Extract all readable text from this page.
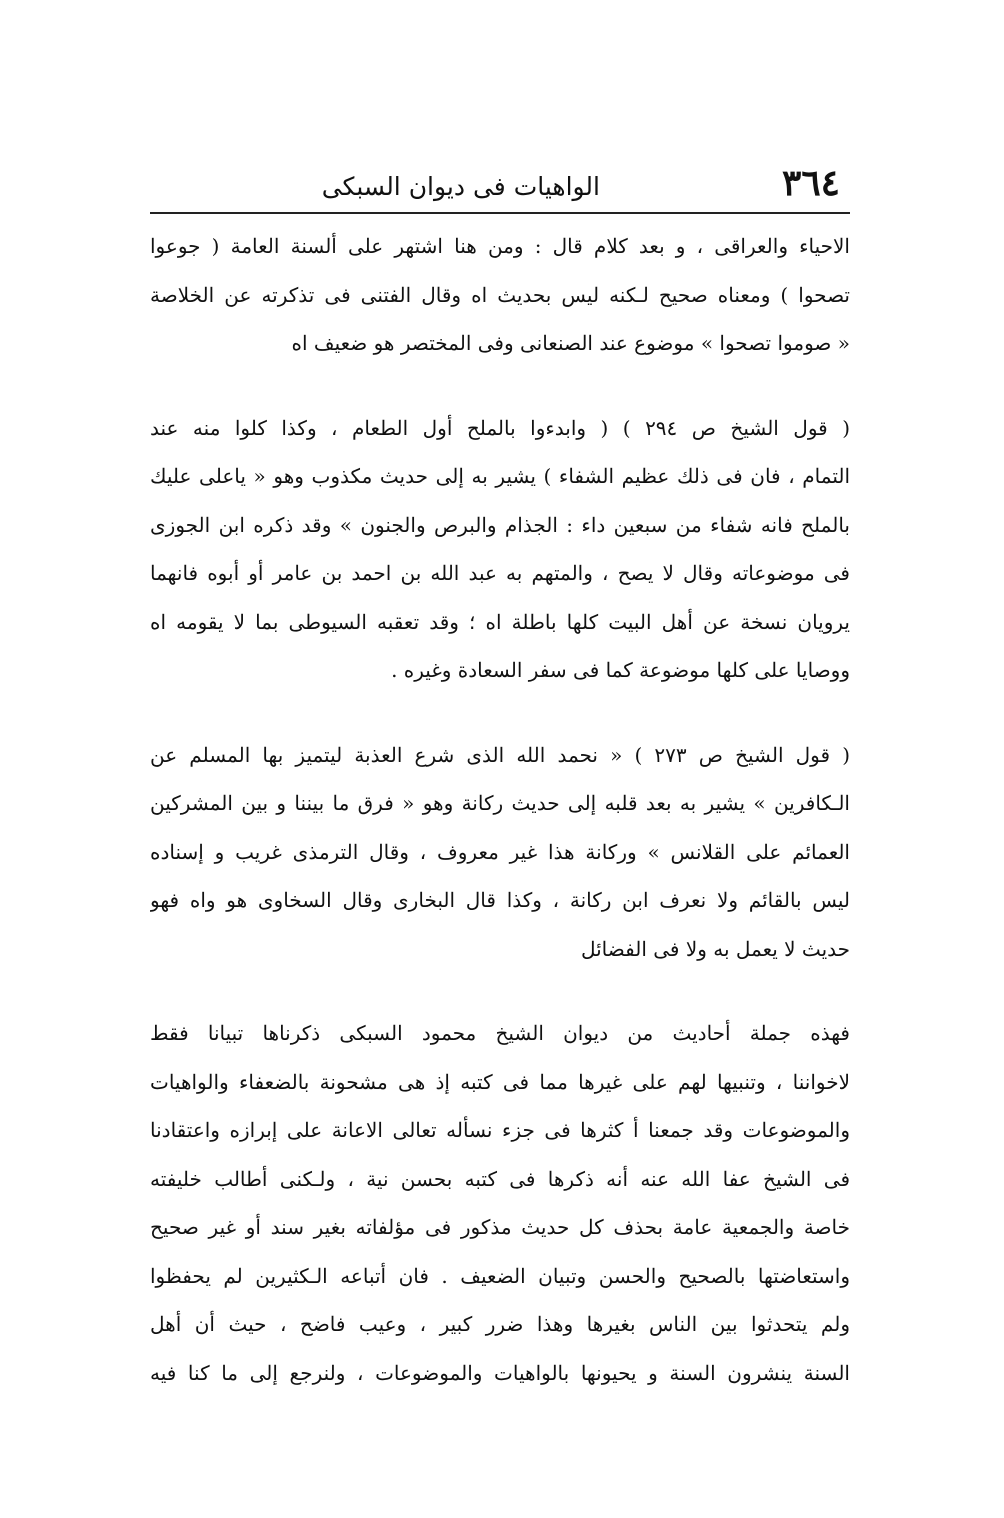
٣٦٤
الواهيات فى ديوان السبكى
الاحياء والعراقى ، و بعد كلام قال : ومن هنا اشتهر على ألسنة العامة ( جوعوا
تصحوا ) ومعناه صحيح لـكنه ليس بحديث اه وقال الفتنى فى تذكرته عن الخلاصة
« صوموا تصحوا » موضوع عند الصنعانى وفى المختصر هو ضعيف اه
( قول الشيخ ص ٢٩٤ ) ( وابدءوا بالملح أول الطعام ، وكذا كلوا منه عند
التمام ، فان فى ذلك عظيم الشفاء ) يشير به إلى حديث مكذوب وهو « ياعلى عليك
بالملح فانه شفاء من سبعين داء : الجذام والبرص والجنون » وقد ذكره ابن الجوزى
فى موضوعاته وقال لا يصح ، والمتهم به عبد الله بن احمد بن عامر أو أبوه فانهما
يرويان نسخة عن أهل البيت كلها باطلة اه ؛ وقد تعقبه السيوطى بما لا يقومه اه
ووصايا على كلها موضوعة كما فى سفر السعادة وغيره .
( قول الشيخ ص ٢٧٣ ) « نحمد الله الذى شرع العذبة ليتميز بها المسلم عن
الـكافرين » يشير به بعد قلبه إلى حديث ركانة وهو « فرق ما بيننا و بين المشركين
العمائم على القلانس » وركانة هذا غير معروف ، وقال الترمذى غريب و إسناده
ليس بالقائم ولا نعرف ابن ركانة ، وكذا قال البخارى وقال السخاوى هو واه فهو
حديث لا يعمل به ولا فى الفضائل
فهذه جملة أحاديث من ديوان الشيخ محمود السبكى ذكرناها تبيانا فقط
لاخواننا ، وتنبيها لهم على غيرها مما فى كتبه إذ هى مشحونة بالضعفاء والواهيات
والموضوعات وقد جمعنا أ كثرها فى جزء نسأله تعالى الاعانة على إبرازه واعتقادنا
فى الشيخ عفا الله عنه أنه ذكرها فى كتبه بحسن نية ، ولـكنى أطالب خليفته
خاصة والجمعية عامة بحذف كل حديث مذكور فى مؤلفاته بغير سند أو غير صحيح
واستعاضتها بالصحيح والحسن وتبيان الضعيف . فان أتباعه الـكثيرين لم يحفظوا
ولم يتحدثوا بين الناس بغيرها وهذا ضرر كبير ، وعيب فاضح ، حيث أن أهل
السنة ينشرون السنة و يحيونها بالواهيات والموضوعات ، ولنرجع إلى ما كنا فيه
